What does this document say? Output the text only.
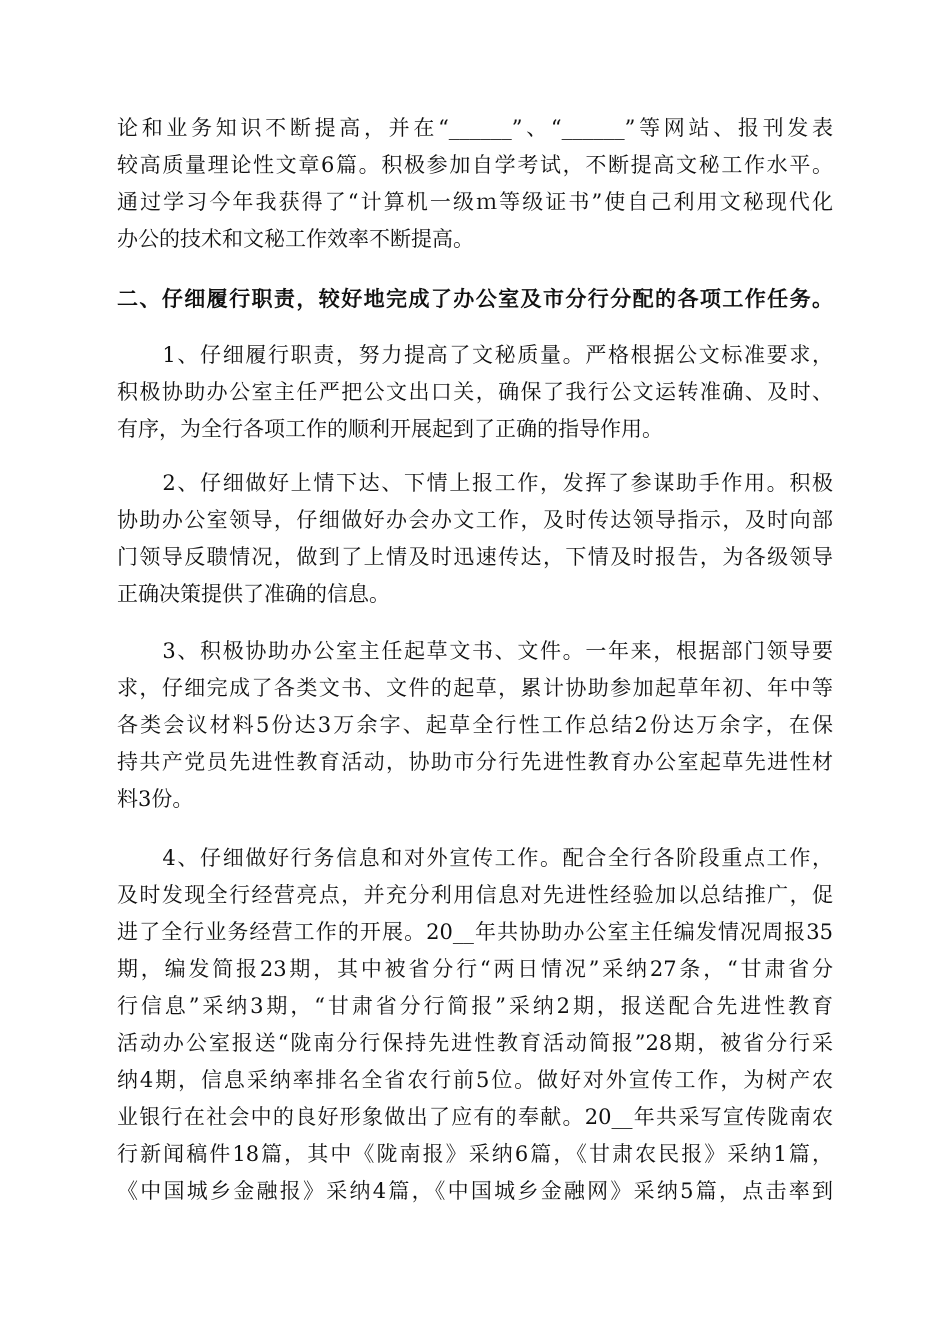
论和业务知识不断提高，并在“______”、“______”等网站、报刊发表
较高质量理论性文章6篇。积极参加自学考试，不断提高文秘工作水平。
通过学习今年我获得了“计算机一级ｍ等级证书”使自己利用文秘现代化
办公的技术和文秘工作效率不断提高。
二、仔细履行职责，较好地完成了办公室及市分行分配的各项工作任务。
　　1、仔细履行职责，努力提高了文秘质量。严格根据公文标准要求，
积极协助办公室主任严把公文出口关，确保了我行公文运转准确、及时、
有序，为全行各项工作的顺利开展起到了正确的指导作用。
　　2、仔细做好上情下达、下情上报工作，发挥了参谋助手作用。积极
协助办公室领导，仔细做好办会办文工作，及时传达领导指示，及时向部
门领导反聩情况，做到了上情及时迅速传达，下情及时报告，为各级领导
正确决策提供了准确的信息。
　　3、积极协助办公室主任起草文书、文件。一年来，根据部门领导要
求，仔细完成了各类文书、文件的起草，累计协助参加起草年初、年中等
各类会议材料5份达3万余字、起草全行性工作总结2份达万余字，在保
持共产党员先进性教育活动，协助市分行先进性教育办公室起草先进性材
料3份。
　　4、仔细做好行务信息和对外宣传工作。配合全行各阶段重点工作，
及时发现全行经营亮点，并充分利用信息对先进性经验加以总结推广，促
进了全行业务经营工作的开展。20__年共协助办公室主任编发情况周报35
期，编发简报23期，其中被省分行“两日情况”采纳27条，“甘肃省分
行信息”采纳3期，“甘肃省分行简报”采纳2期，报送配合先进性教育
活动办公室报送“陇南分行保持先进性教育活动简报”28期，被省分行采
纳4期，信息采纳率排名全省农行前5位。做好对外宣传工作，为树产农
业银行在社会中的良好形象做出了应有的奉献。20__年共采写宣传陇南农
行新闻稿件18篇，其中《陇南报》采纳6篇，《甘肃农民报》采纳1篇，
《中国城乡金融报》采纳4篇，《中国城乡金融网》采纳5篇，点击率到
